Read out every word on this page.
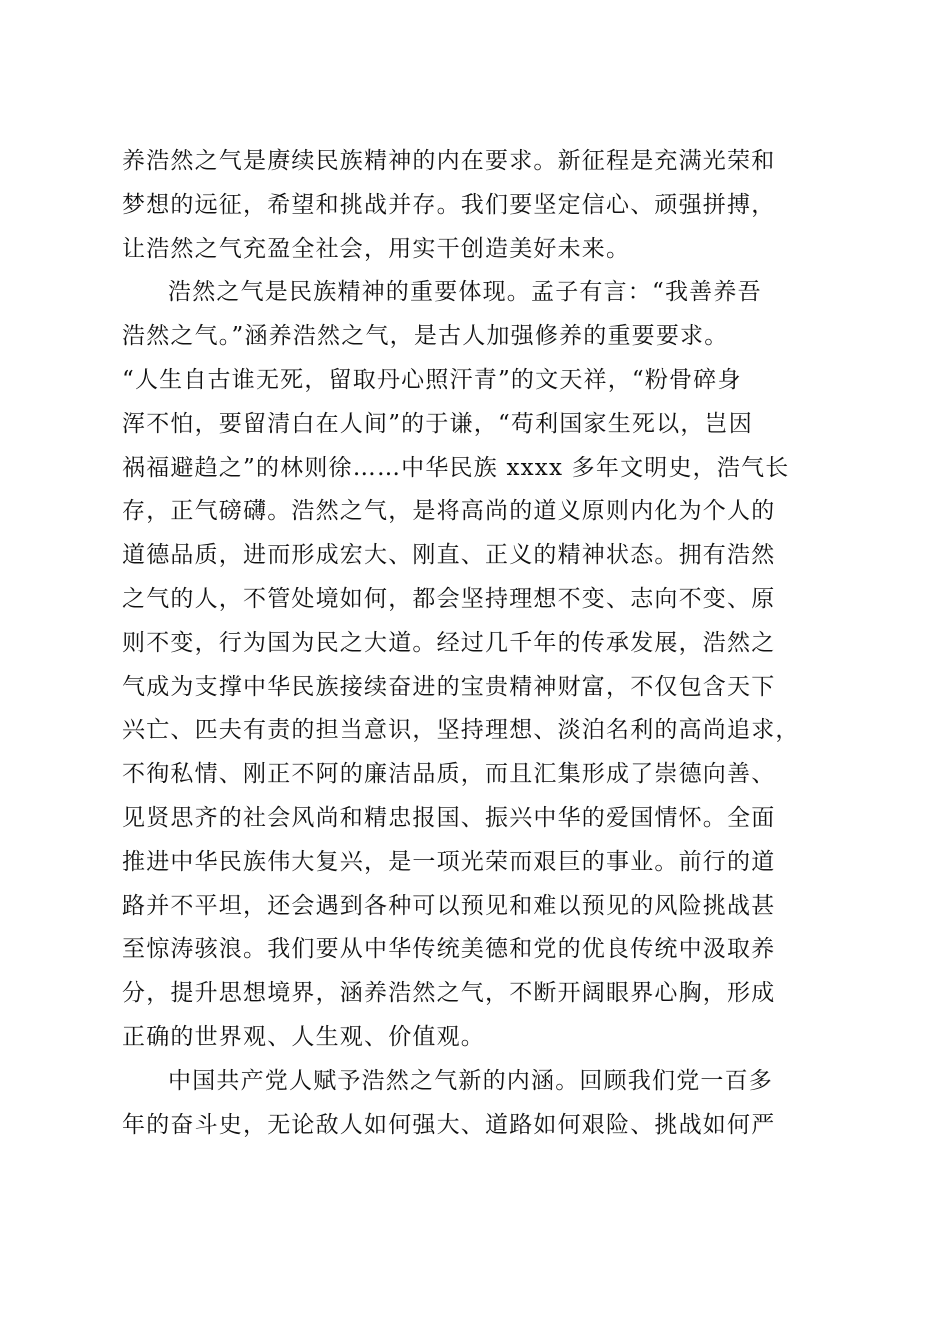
养浩然之气是赓续民族精神的内在要求。新征程是充满光荣和
梦想的远征，希望和挑战并存。我们要坚定信心、顽强拼搏，
让浩然之气充盈全社会，用实干创造美好未来。
浩然之气是民族精神的重要体现。孟子有言：“我善养吾
浩然之气。”涵养浩然之气，是古人加强修养的重要要求。
“人生自古谁无死，留取丹心照汗青”的文天祥，“粉骨碎身
浑不怕，要留清白在人间”的于谦，“苟利国家生死以，岂因
祸福避趋之”的林则徐……中华民族 xxxx 多年文明史，浩气长
存，正气磅礴。浩然之气，是将高尚的道义原则内化为个人的
道德品质，进而形成宏大、刚直、正义的精神状态。拥有浩然
之气的人，不管处境如何，都会坚持理想不变、志向不变、原
则不变，行为国为民之大道。经过几千年的传承发展，浩然之
气成为支撑中华民族接续奋进的宝贵精神财富，不仅包含天下
兴亡、匹夫有责的担当意识，坚持理想、淡泊名利的高尚追求，
不徇私情、刚正不阿的廉洁品质，而且汇集形成了崇德向善、
见贤思齐的社会风尚和精忠报国、振兴中华的爱国情怀。全面
推进中华民族伟大复兴，是一项光荣而艰巨的事业。前行的道
路并不平坦，还会遇到各种可以预见和难以预见的风险挑战甚
至惊涛骇浪。我们要从中华传统美德和党的优良传统中汲取养
分，提升思想境界，涵养浩然之气，不断开阔眼界心胸，形成
正确的世界观、人生观、价值观。
中国共产党人赋予浩然之气新的内涵。回顾我们党一百多
年的奋斗史，无论敌人如何强大、道路如何艰险、挑战如何严
